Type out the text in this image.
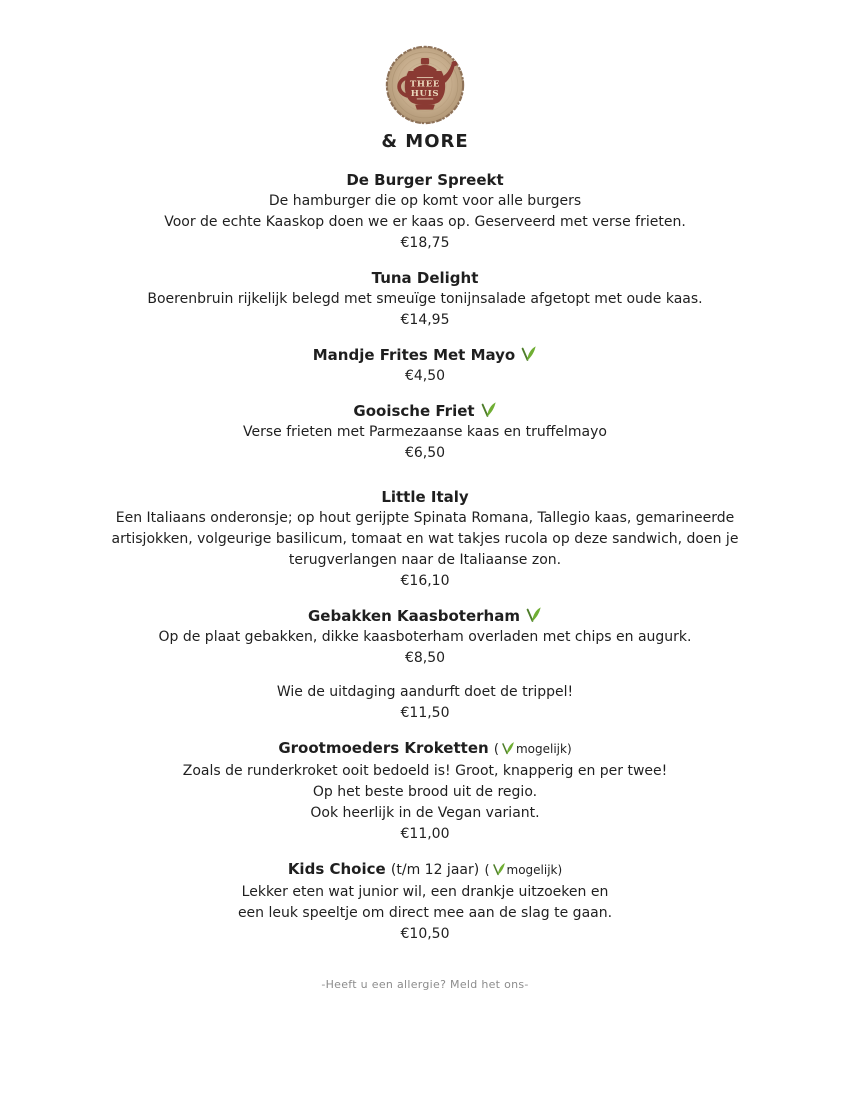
THEE
HUIS
& MORE
De Burger Spreekt
De hamburger die op komt voor alle burgers
Voor de echte Kaaskop doen we er kaas op. Geserveerd met verse frieten.
€18,75
Tuna Delight
Boerenbruin rijkelijk belegd met smeuïge tonijnsalade afgetopt met oude kaas.
€14,95
Mandje Frites Met Mayo
€4,50
Gooische Friet
Verse frieten met Parmezaanse kaas en truffelmayo
€6,50
Little Italy
Een Italiaans onderonsje; op hout gerijpte Spinata Romana, Tallegio kaas, gemarineerde
artisjokken, volgeurige basilicum, tomaat en wat takjes rucola op deze sandwich, doen je
terugverlangen naar de Italiaanse zon.
€16,10
Gebakken Kaasboterham
Op de plaat gebakken, dikke kaasboterham overladen met chips en augurk.
€8,50
Wie de uitdaging aandurft doet de trippel!
€11,50
Grootmoeders Kroketten ( mogelijk)
Zoals de runderkroket ooit bedoeld is! Groot, knapperig en per twee!
Op het beste brood uit de regio.
Ook heerlijk in de Vegan variant.
€11,00
Kids Choice (t/m 12 jaar) ( mogelijk)
Lekker eten wat junior wil, een drankje uitzoeken en
een leuk speeltje om direct mee aan de slag te gaan.
€10,50
-Heeft u een allergie? Meld het ons-
